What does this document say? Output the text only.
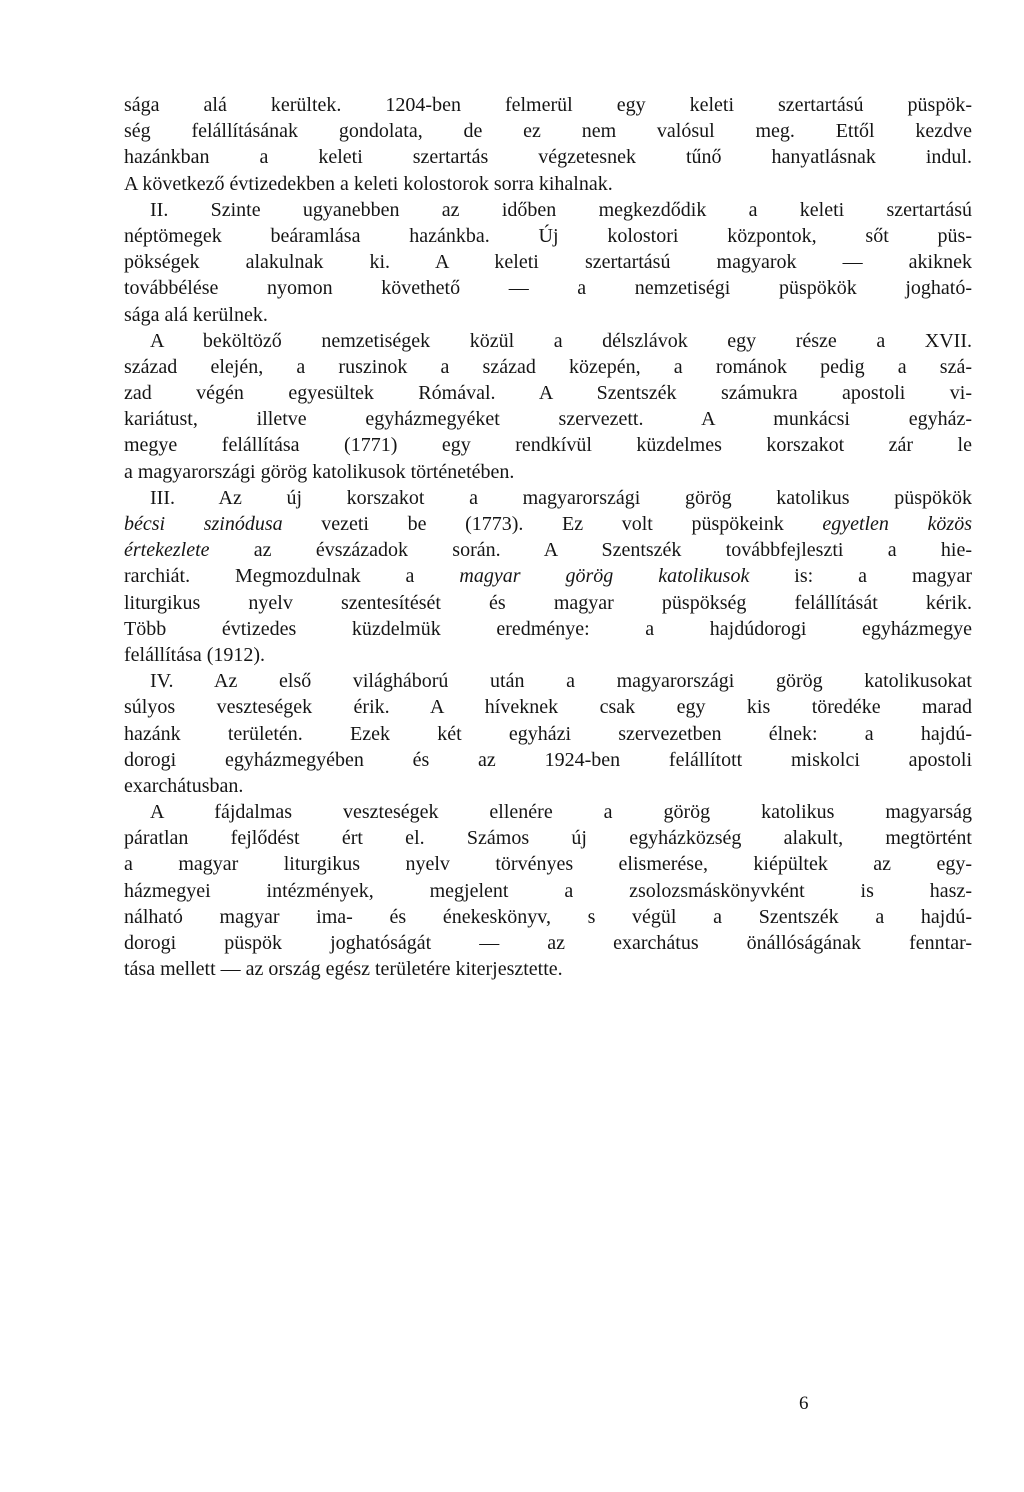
sága alá kerültek. 1204-ben felmerül egy keleti szertartású püspök-
ség felállításának gondolata, de ez nem valósul meg. Ettől kezdve
hazánkban a keleti szertartás végzetesnek tűnő hanyatlásnak indul.
A következő évtizedekben a keleti kolostorok sorra kihalnak.
II. Szinte ugyanebben az időben megkezdődik a keleti szertartású
néptömegek beáramlása hazánkba. Új kolostori központok, sőt püs-
pökségek alakulnak ki. A keleti szertartású magyarok — akiknek
továbbélése nyomon követhető — a nemzetiségi püspökök jogható-
sága alá kerülnek.
A beköltöző nemzetiségek közül a délszlávok egy része a XVII.
század elején, a ruszinok a század közepén, a románok pedig a szá-
zad végén egyesültek Rómával. A Szentszék számukra apostoli vi-
kariátust, illetve egyházmegyéket szervezett. A munkácsi egyház-
megye felállítása (1771) egy rendkívül küzdelmes korszakot zár le
a magyarországi görög katolikusok történetében.
III. Az új korszakot a magyarországi görög katolikus püspökök
bécsi szinódusa vezeti be (1773). Ez volt püspökeink egyetlen közös
értekezlete az évszázadok során. A Szentszék továbbfejleszti a hie-
rarchiát. Megmozdulnak a magyar görög katolikusok is: a magyar
liturgikus nyelv szentesítését és magyar püspökség felállítását kérik.
Több évtizedes küzdelmük eredménye: a hajdúdorogi egyházmegye
felállítása (1912).
IV. Az első világháború után a magyarországi görög katolikusokat
súlyos veszteségek érik. A híveknek csak egy kis töredéke marad
hazánk területén. Ezek két egyházi szervezetben élnek: a hajdú-
dorogi egyházmegyében és az 1924-ben felállított miskolci apostoli
exarchátusban.
A fájdalmas veszteségek ellenére a görög katolikus magyarság
páratlan fejlődést ért el. Számos új egyházközség alakult, megtörtént
a magyar liturgikus nyelv törvényes elismerése, kiépültek az egy-
házmegyei intézmények, megjelent a zsolozsmáskönyvként is hasz-
nálható magyar ima- és énekeskönyv, s végül a Szentszék a hajdú-
dorogi püspök joghatóságát — az exarchátus önállóságának fenntar-
tása mellett — az ország egész területére kiterjesztette.
6
